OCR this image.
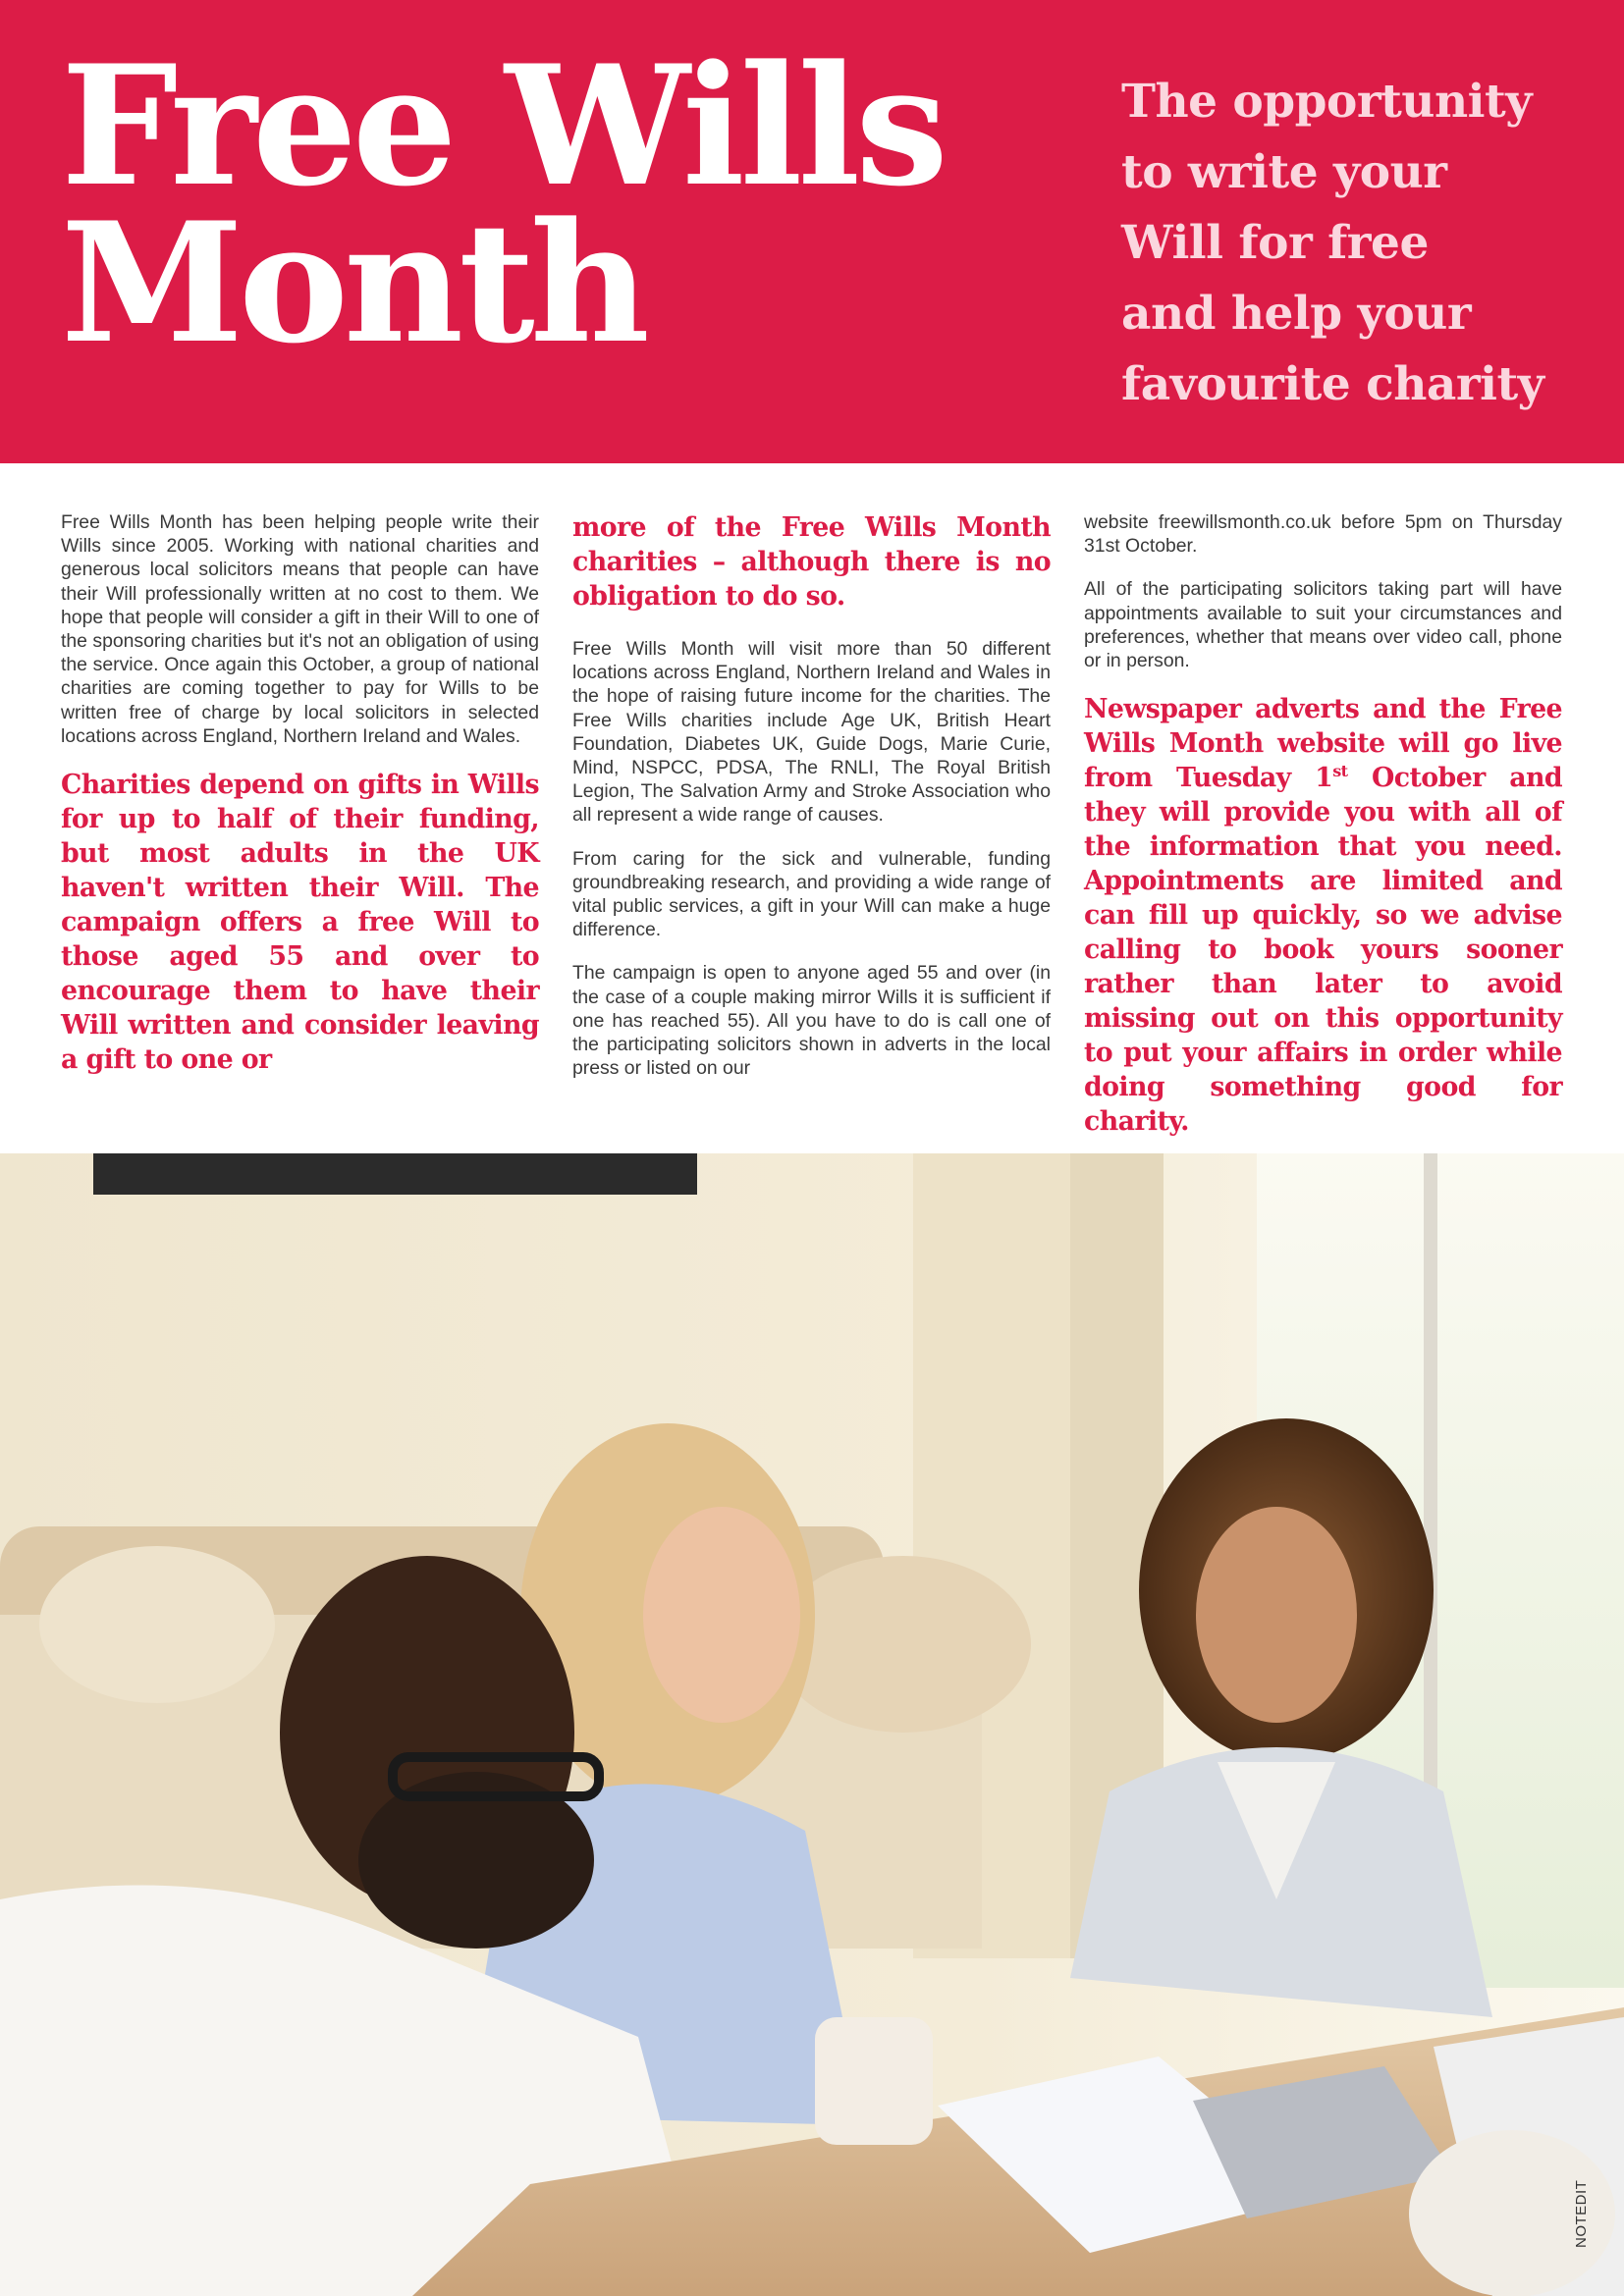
Free Wills
Month
The opportunity
to write your
Will for free
and help your
favourite charity

Free Wills Month has been helping people write their Wills since 2005. Working with national charities and generous local solicitors means that people can have their Will professionally written at no cost to them. We hope that people will consider a gift in their Will to one of the sponsoring charities but it's not an obligation of using the service. Once again this October, a group of national charities are coming together to pay for Wills to be written free of charge by local solicitors in selected locations across England, Northern Ireland and Wales.

Charities depend on gifts in Wills for up to half of their funding, but most adults in the UK haven't written their Will. The campaign offers a free Will to those aged 55 and over to encourage them to have their Will written and consider leaving a gift to one or

more of the Free Wills Month charities – although there is no obligation to do so.

Free Wills Month will visit more than 50 different locations across England, Northern Ireland and Wales in the hope of raising future income for the charities. The Free Wills charities include Age UK, British Heart Foundation, Diabetes UK, Guide Dogs, Marie Curie, Mind, NSPCC, PDSA, The RNLI, The Royal British Legion, The Salvation Army and Stroke Association who all represent a wide range of causes.

From caring for the sick and vulnerable, funding groundbreaking research, and providing a wide range of vital public services, a gift in your Will can make a huge difference.

The campaign is open to anyone aged 55 and over (in the case of a couple making mirror Wills it is sufficient if one has reached 55). All you have to do is call one of the participating solicitors shown in adverts in the local press or listed on our

website freewillsmonth.co.uk before 5pm on Thursday 31st October.

All of the participating solicitors taking part will have appointments available to suit your circumstances and preferences, whether that means over video call, phone or in person.

Newspaper adverts and the Free Wills Month website will go live from Tuesday 1st October and they will provide you with all of the information that you need. Appointments are limited and can fill up quickly, so we advise calling to book yours sooner rather than later to avoid missing out on this opportunity to put your affairs in order while doing something good for charity.

NOTEDIT
